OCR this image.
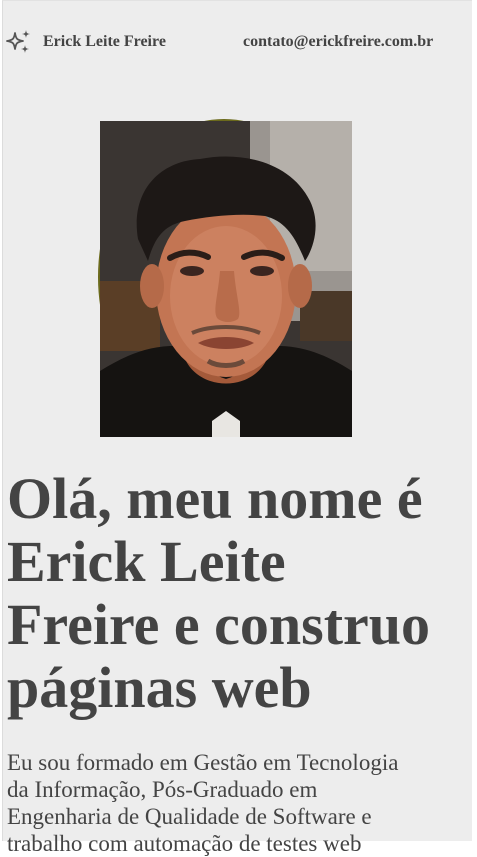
Erick Leite Freire	contato@erickfreire.com.br
Olá, meu nome é
Erick Leite
Freire e construo
páginas web

Eu sou formado em Gestão em Tecnologia
da Informação, Pós-Graduado em
Engenharia de Qualidade de Software e
trabalho com automação de testes web
